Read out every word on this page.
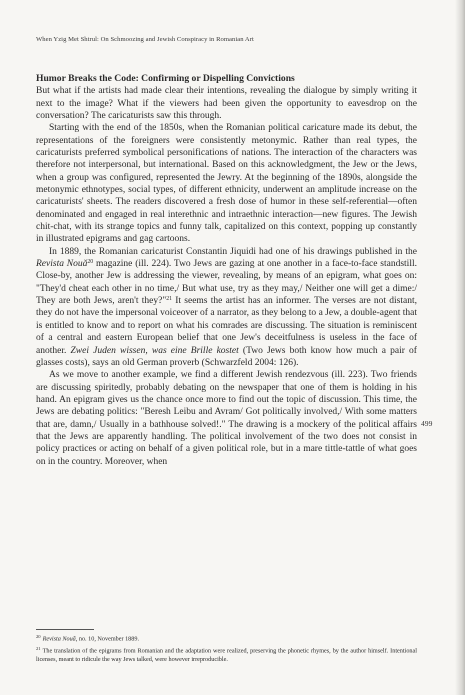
When Yzig Met Shtrul: On Schmoozing and Jewish Conspiracy in Romanian Art

Humor Breaks the Code: Confirming or Dispelling Convictions

But what if the artists had made clear their intentions, revealing the dialogue by simply writing it next to the image? What if the viewers had been given the opportunity to eavesdrop on the conversation? The caricaturists saw this through.

Starting with the end of the 1850s, when the Romanian political caricature made its debut, the representations of the foreigners were consistently metonymic. Rather than real types, the caricaturists preferred symbolical personifications of nations. The interaction of the characters was therefore not interpersonal, but international. Based on this acknowledgment, the Jew or the Jews, when a group was configured, represented the Jewry. At the beginning of the 1890s, alongside the metonymic ethnotypes, social types, of different ethnicity, underwent an amplitude increase on the caricaturists' sheets. The readers discovered a fresh dose of humor in these self-referential—often denominated and engaged in real interethnic and intraethnic interaction—new figures. The Jewish chit-chat, with its strange topics and funny talk, capitalized on this context, popping up constantly in illustrated epigrams and gag cartoons.

In 1889, the Romanian caricaturist Constantin Jiquidi had one of his drawings published in the Revista Nouă$^{20}$ magazine (ill. 224). Two Jews are gazing at one another in a face-to-face standstill. Close-by, another Jew is addressing the viewer, revealing, by means of an epigram, what goes on: "They'd cheat each other in no time,/ But what use, try as they may,/ Neither one will get a dime:/ They are both Jews, aren't they?"$^{21}$ It seems the artist has an informer. The verses are not distant, they do not have the impersonal voiceover of a narrator, as they belong to a Jew, a double-agent that is entitled to know and to report on what his comrades are discussing. The situation is reminiscent of a central and eastern European belief that one Jew's deceitfulness is useless in the face of another. Zwei Juden wissen, was eine Brille kostet (Two Jews both know how much a pair of glasses costs), says an old German proverb (Schwarzfeld 2004: 126).

As we move to another example, we find a different Jewish rendezvous (ill. 223). Two friends are discussing spiritedly, probably debating on the newspaper that one of them is holding in his hand. An epigram gives us the chance once more to find out the topic of discussion. This time, the Jews are debating politics: "Beresh Leibu and Avram/ Got politically involved,/ With some matters that are, damn,/ Usually in a bathhouse solved!." The drawing is a mockery of the political affairs that the Jews are apparently handling. The political involvement of the two does not consist in policy practices or acting on behalf of a given political role, but in a mare tittle-tattle of what goes on in the country. Moreover, when

499

$^{20}$ Revista Nouă, no. 10, November 1889.

$^{21}$ The translation of the epigrams from Romanian and the adaptation were realized, preserving the phonetic rhymes, by the author himself. Intentional licenses, meant to ridicule the way Jews talked, were however irreproducible.
